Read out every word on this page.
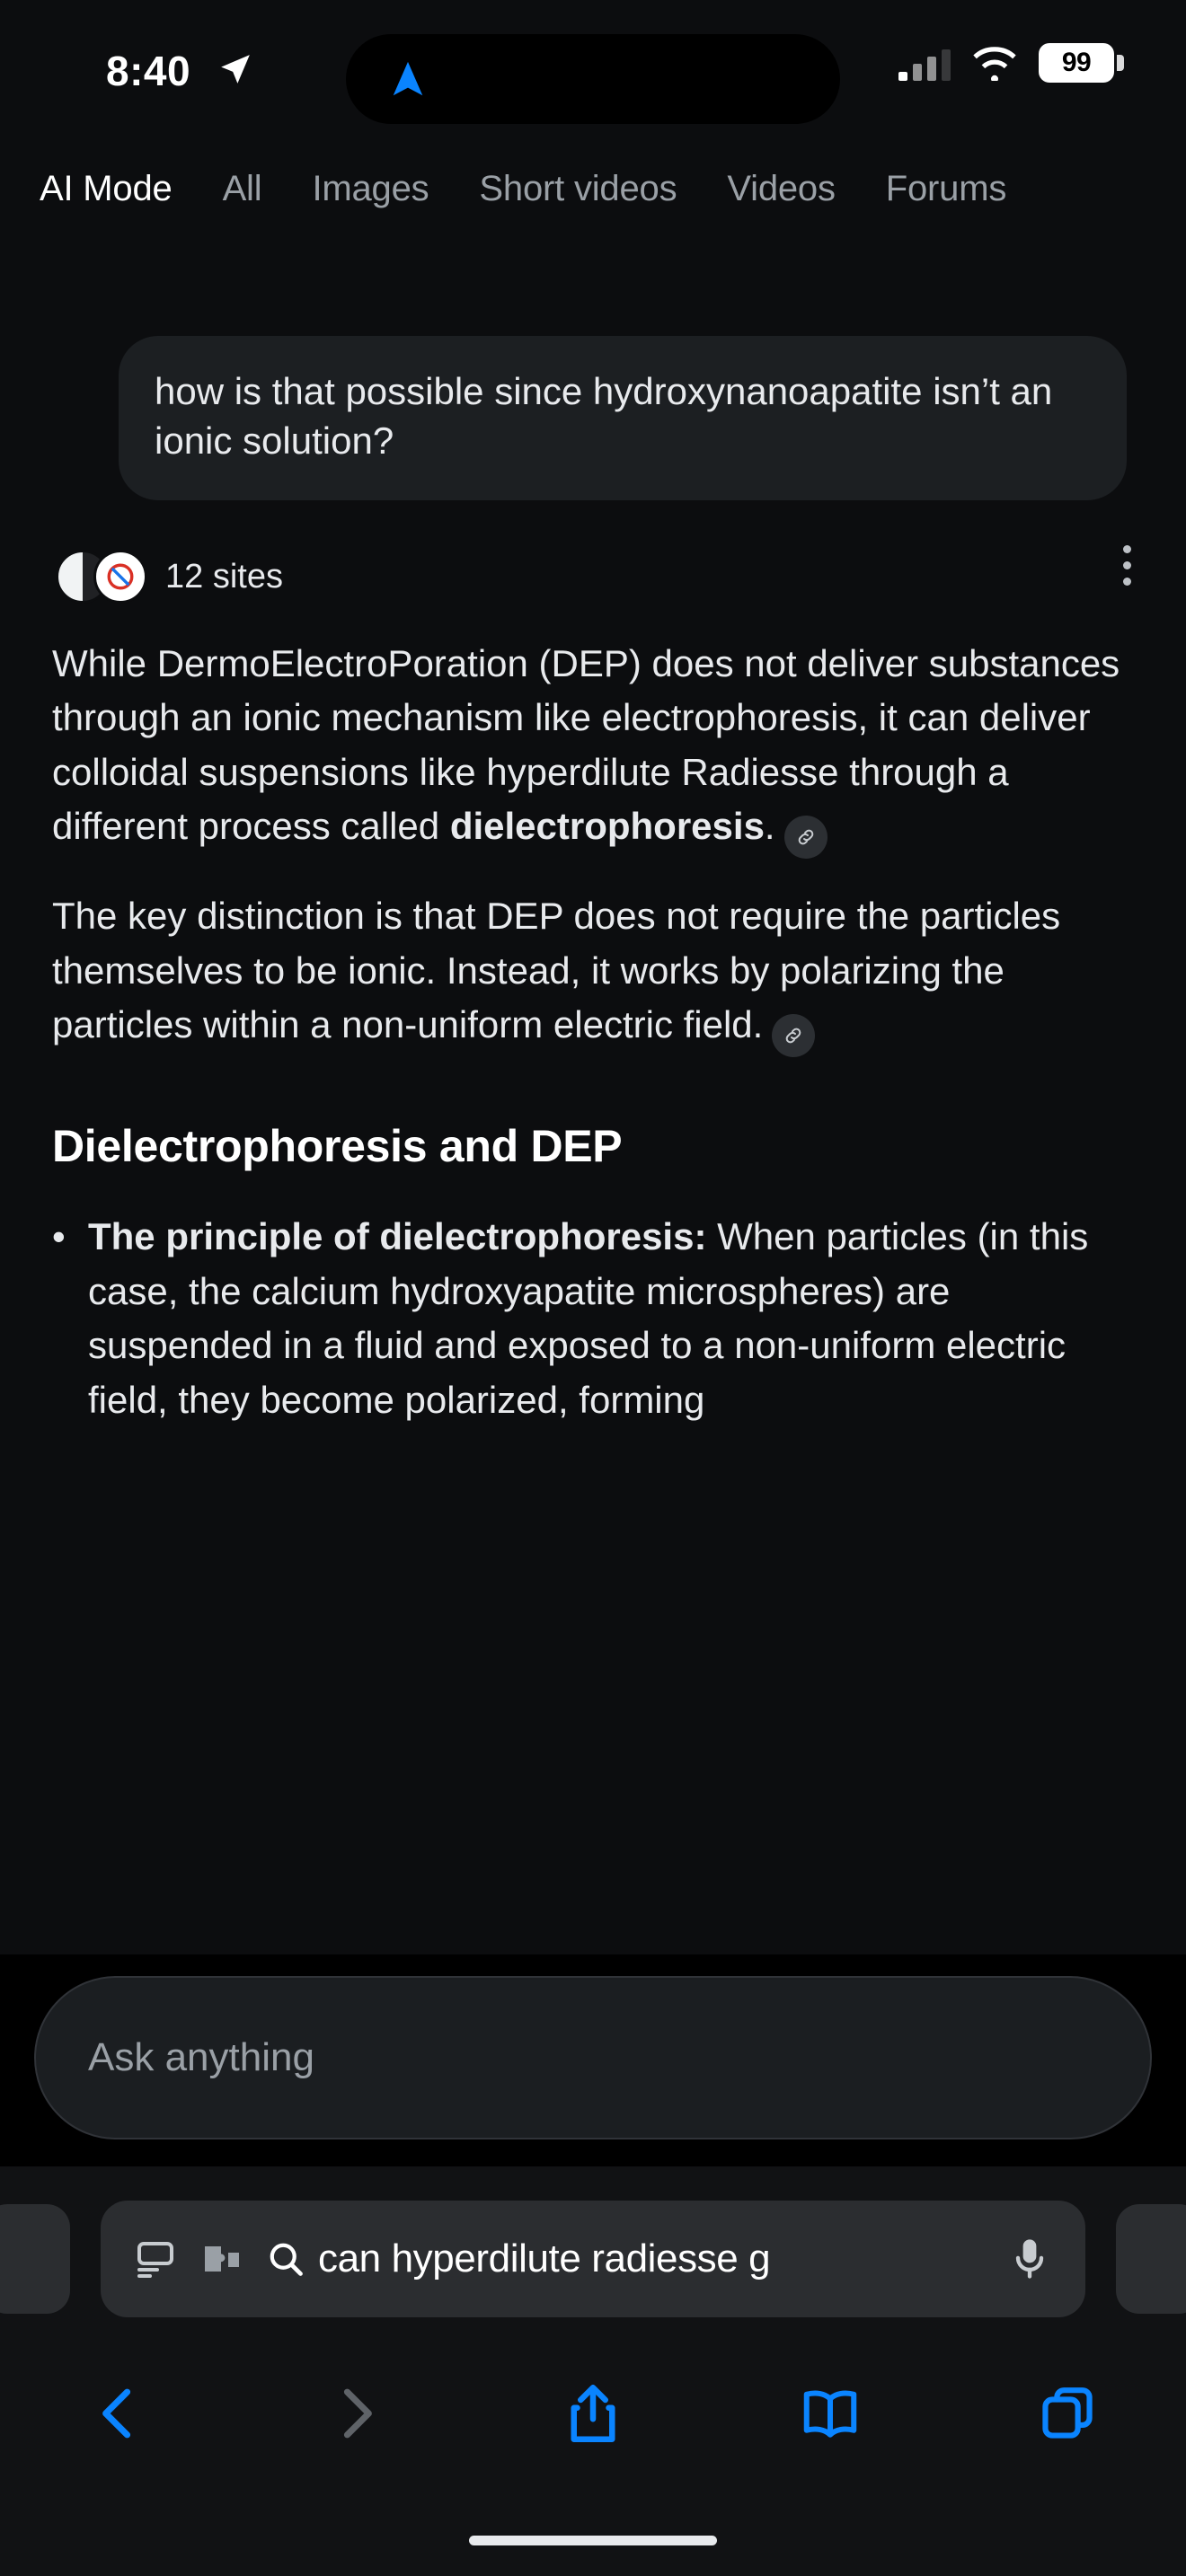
8:40	99
AI Mode All Images Short videos Videos Forums
how is that possible since hydroxynanoapatite isn’t an ionic solution?
12 sites
While DermoElectroPoration (DEP) does not deliver substances through an ionic mechanism like electrophoresis, it can deliver colloidal suspensions like hyperdilute Radiesse through a different process called dielectrophoresis.
The key distinction is that DEP does not require the particles themselves to be ionic. Instead, it works by polarizing the particles within a non-uniform electric field.
Dielectrophoresis and DEP
• The principle of dielectrophoresis: When particles (in this case, the calcium hydroxyapatite microspheres) are suspended in a fluid and exposed to a non-uniform electric field, they become polarized, forming
Ask anything
can hyperdilute radiesse g
